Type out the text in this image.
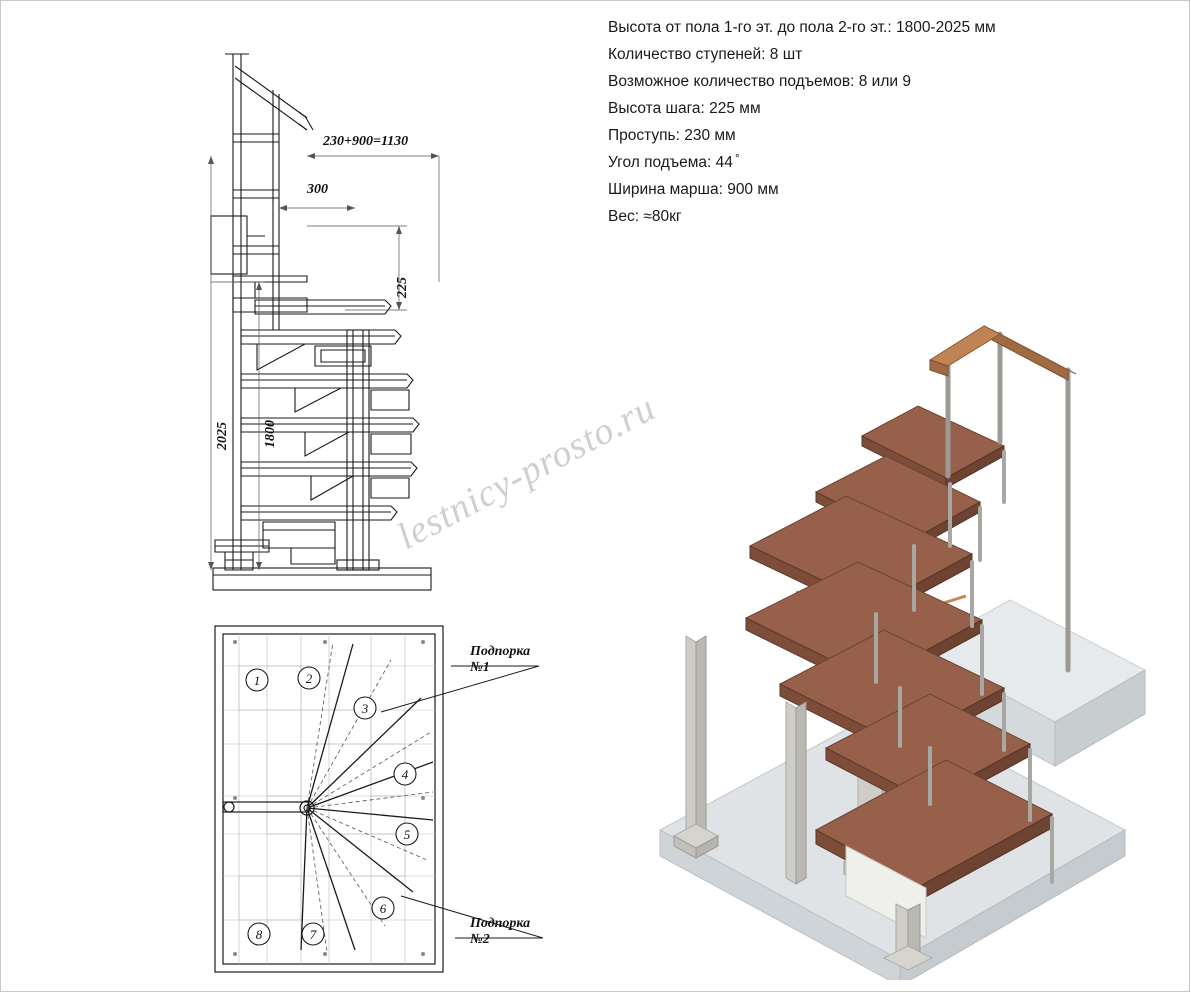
Высота от пола 1-го эт. до пола 2-го эт.: 1800-2025 мм
Количество ступеней: 8 шт
Возможное количество подъемов: 8 или 9
Высота шага: 225 мм
Проступь: 230 мм
Угол подъема: 44 ̊
Ширина марша: 900 мм
Вес: ≈80кг
230+900=1130
300
225
2025 1800
1	2
3
4
5
6
7
8
Подпорка
№1
Подпорка
№2
lestnicy-prosto.ru
